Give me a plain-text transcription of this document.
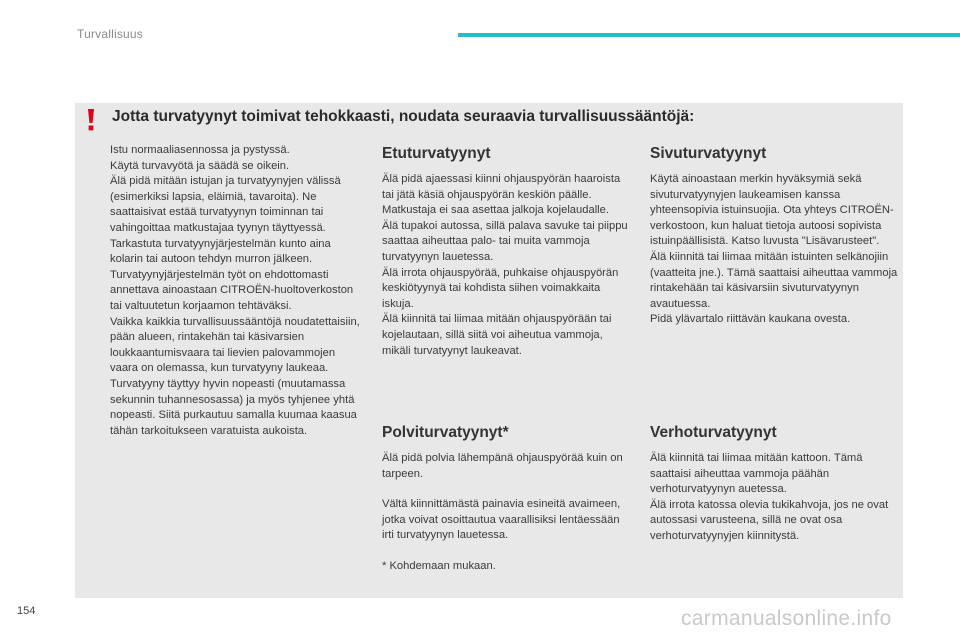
Turvallisuus
Jotta turvatyynyt toimivat tehokkaasti, noudata seuraavia turvallisuussääntöjä:

Istu normaaliasennossa ja pystyssä.

Käytä turvavyötä ja säädä se oikein.

Älä pidä mitään istujan ja turvatyynyjen välissä (esimerkiksi lapsia, eläimiä, tavaroita). Ne saattaisivat estää turvatyynyn toiminnan tai vahingoittaa matkustajaa tyynyn täyttyessä.

Tarkastuta turvatyynyjärjestelmän kunto aina kolarin tai autoon tehdyn murron jälkeen.

Turvatyynyjärjestelmän työt on ehdottomasti annettava ainoastaan CITROËN-huoltoverkoston tai valtuutetun korjaamon tehtäväksi.

Vaikka kaikkia turvallisuussääntöjä noudatettaisiin, pään alueen, rintakehän tai käsivarsien loukkaantumisvaara tai lievien palovammojen vaara on olemassa, kun turvatyyny laukeaa. Turvatyyny täyttyy hyvin nopeasti (muutamassa sekunnin tuhannesosassa) ja myös tyhjenee yhtä nopeasti. Siitä purkautuu samalla kuumaa kaasua tähän tarkoitukseen varatuista aukoista.

Etuturvatyynyt

Älä pidä ajaessasi kiinni ohjauspyörän haaroista tai jätä käsiä ohjauspyörän keskiön päälle.

Matkustaja ei saa asettaa jalkoja kojelaudalle.

Älä tupakoi autossa, sillä palava savuke tai piippu saattaa aiheuttaa palo- tai muita vammoja turvatyynyn lauetessa.

Älä irrota ohjauspyörää, puhkaise ohjauspyörän keskiötyynyä tai kohdista siihen voimakkaita iskuja.

Älä kiinnitä tai liimaa mitään ohjauspyörään tai kojelautaan, sillä siitä voi aiheutua vammoja, mikäli turvatyynyt laukeavat.

Polviturvatyynyt*

Älä pidä polvia lähempänä ohjauspyörää kuin on tarpeen.

Vältä kiinnittämästä painavia esineitä avaimeen, jotka voivat osoittautua vaarallisiksi lentäessään irti turvatyynyn lauetessa.

* Kohdemaan mukaan.

Sivuturvatyynyt

Käytä ainoastaan merkin hyväksymiä sekä sivuturvatyynyjen laukeamisen kanssa yhteensopivia istuinsuojia. Ota yhteys CITROËN-verkostoon, kun haluat tietoja autoosi sopivista istuinpäällisistä. Katso luvusta "Lisävarusteet".

Älä kiinnitä tai liimaa mitään istuinten selkänojiin (vaatteita jne.). Tämä saattaisi aiheuttaa vammoja rintakehään tai käsivarsiin sivuturvatyynyn avautuessa.

Pidä ylävartalo riittävän kaukana ovesta.

Verhoturvatyynyt

Älä kiinnitä tai liimaa mitään kattoon. Tämä saattaisi aiheuttaa vammoja päähän verhoturvatyynyn auetessa.

Älä irrota katossa olevia tukikahvoja, jos ne ovat autossasi varusteena, sillä ne ovat osa verhoturvatyynyjen kiinnitystä.

154	carmanualsonline.info
